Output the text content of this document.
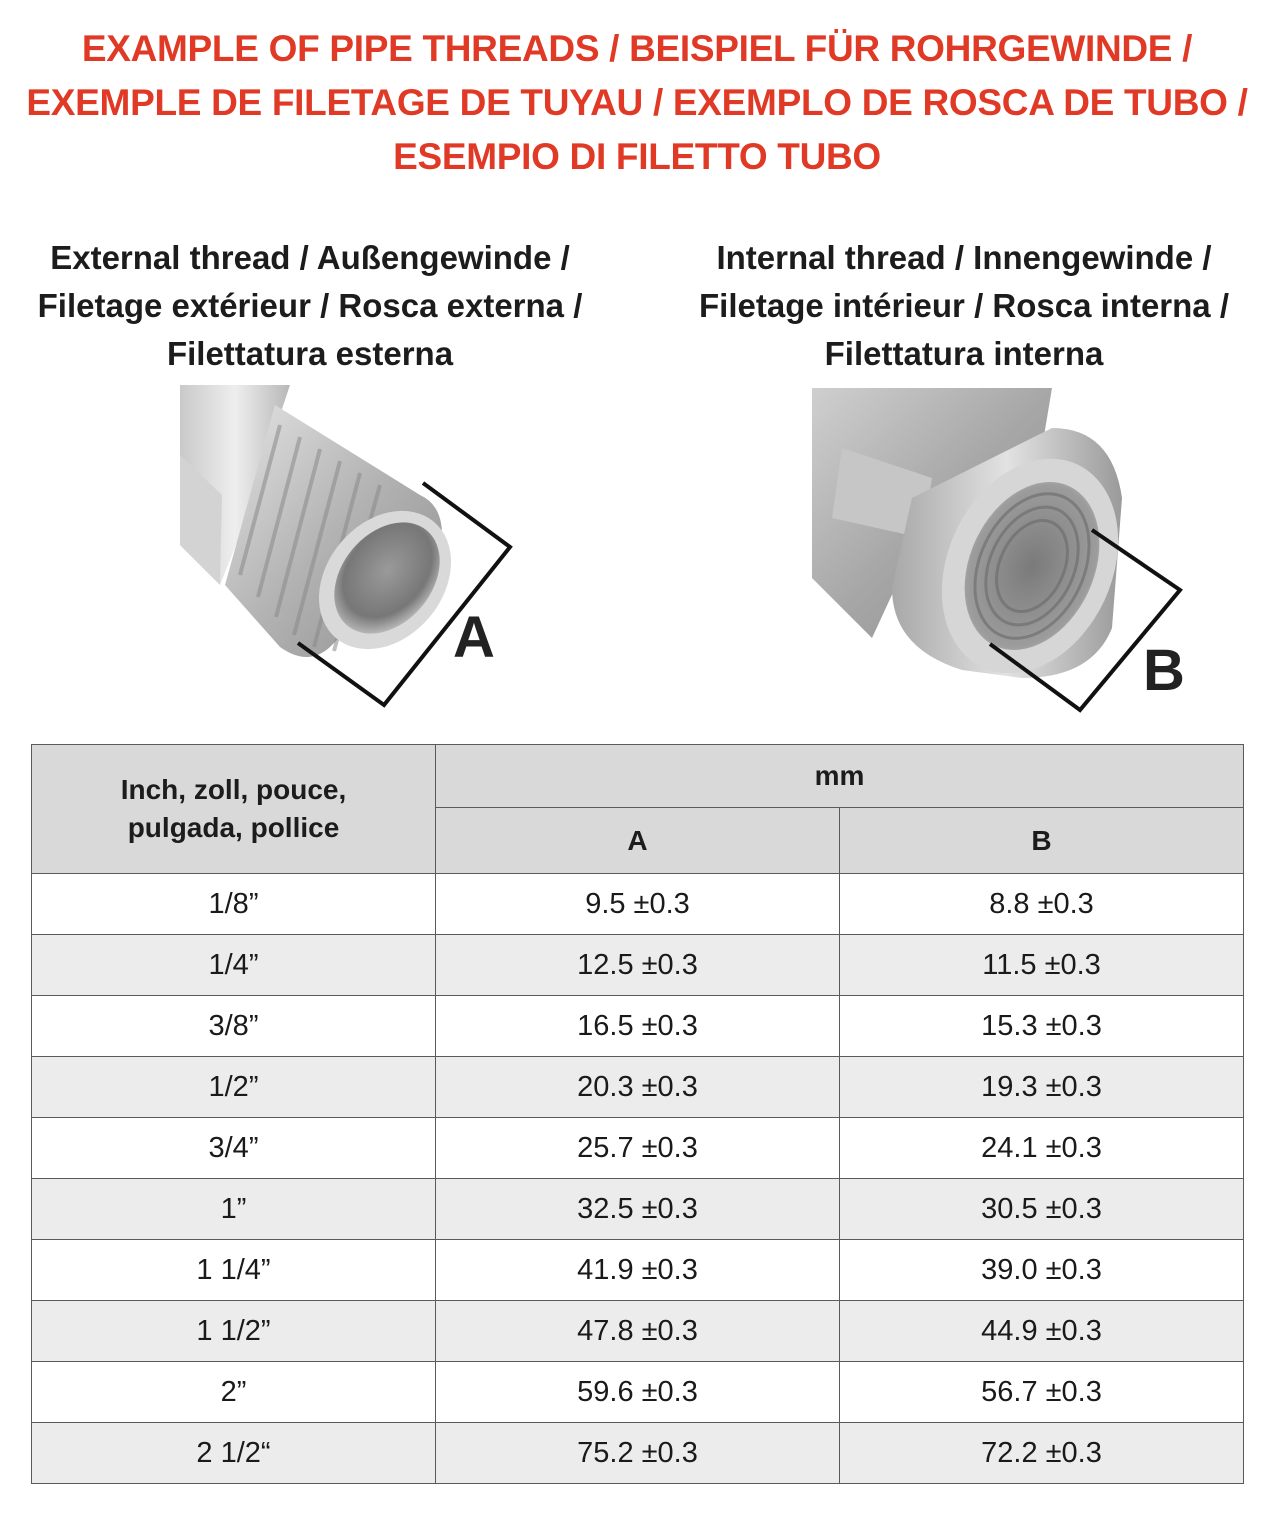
EXAMPLE OF PIPE THREADS / BEISPIEL FÜR ROHRGEWINDE /
EXEMPLE DE FILETAGE DE TUYAU / EXEMPLO DE ROSCA DE TUBO /
ESEMPIO DI FILETTO TUBO
External thread / Außengewinde /
Filetage extérieur / Rosca externa /
Filettatura esterna
Internal thread / Innengewinde /
Filetage intérieur / Rosca interna /
Filettatura interna
A
B
Inch, zoll, pouce,
pulgada, pollice	mm	
	A	B
1/8”	9.5 ±0.3	8.8 ±0.3
1/4”	12.5 ±0.3	11.5 ±0.3
3/8”	16.5 ±0.3	15.3 ±0.3
1/2”	20.3 ±0.3	19.3 ±0.3
3/4”	25.7 ±0.3	24.1 ±0.3
1”	32.5 ±0.3	30.5 ±0.3
1 1/4”	41.9 ±0.3	39.0 ±0.3
1 1/2”	47.8 ±0.3	44.9 ±0.3
2”	59.6 ±0.3	56.7 ±0.3
2 1/2“	75.2 ±0.3	72.2 ±0.3
